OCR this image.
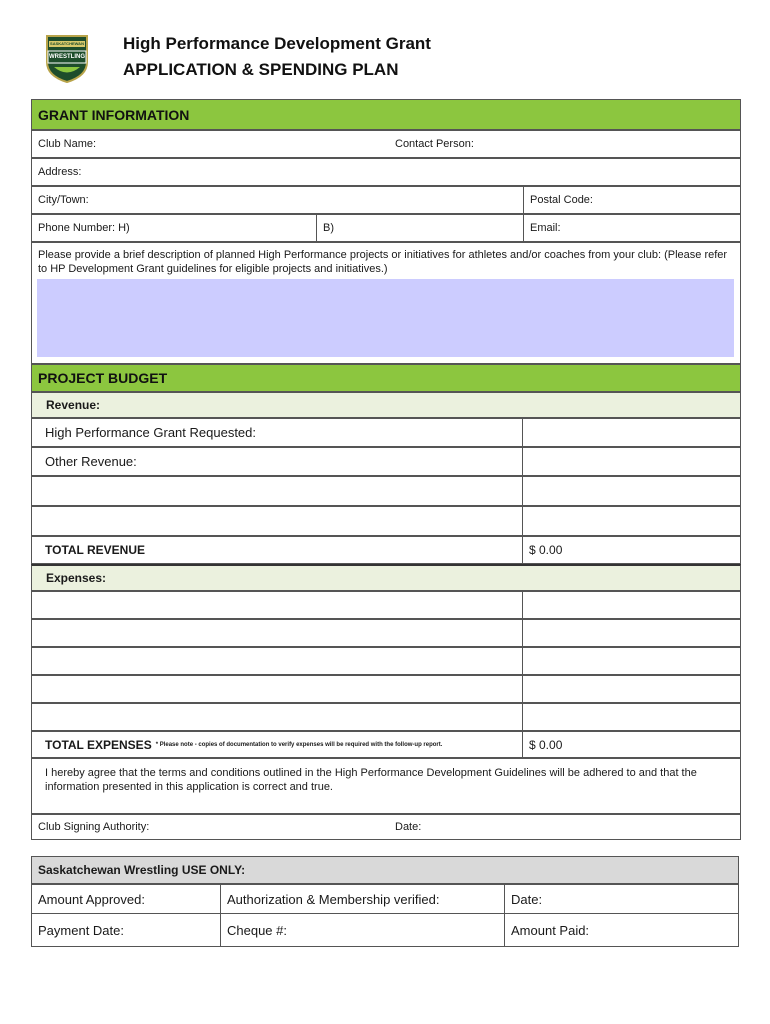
SASKATCHEWAN
WRESTLING
High Performance Development Grant
APPLICATION & SPENDING PLAN
GRANT INFORMATION
Club Name:	Contact Person:
Address:
City/Town:	Postal Code:
Phone Number: H)	B)	Email:
Please provide a brief description of planned High Performance projects or initiatives for athletes and/or coaches from your club: (Please refer to HP Development Grant guidelines for eligible projects and initiatives.)
PROJECT BUDGET
Revenue:
High Performance Grant Requested:
Other Revenue:
TOTAL REVENUE	$ 0.00
Expenses:
TOTAL EXPENSES * Please note - copies of documentation to verify expenses will be required with the follow-up report.	$ 0.00
I hereby agree that the terms and conditions outlined in the High Performance Development Guidelines will be adhered to and that the information presented in this application is correct and true.
Club Signing Authority:	Date:
Saskatchewan Wrestling USE ONLY:
Amount Approved:	Authorization & Membership verified:	Date:
Payment Date:	Cheque #:	Amount Paid:
